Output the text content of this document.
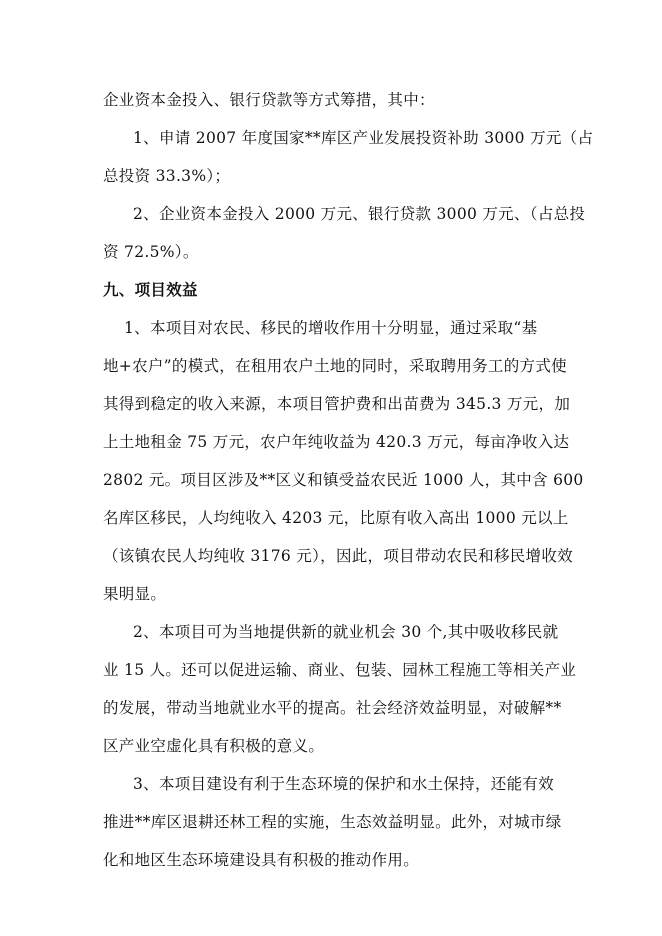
企业资本金投入、银行贷款等方式筹措，其中：
1、申请 2007 年度国家**库区产业发展投资补助 3000 万元（占
总投资 33.3%）；
2、企业资本金投入 2000 万元、银行贷款 3000 万元、（占总投
资 72.5%）。
九、项目效益
1、本项目对农民、移民的增收作用十分明显，通过采取“基
地+农户”的模式，在租用农户土地的同时，采取聘用务工的方式使
其得到稳定的收入来源，本项目管护费和出苗费为 345.3 万元，加
上土地租金 75 万元，农户年纯收益为 420.3 万元，每亩净收入达
2802 元。项目区涉及**区义和镇受益农民近 1000 人，其中含 600
名库区移民，人均纯收入 4203 元，比原有收入高出 1000 元以上
（该镇农民人均纯收 3176 元），因此，项目带动农民和移民增收效
果明显。
2、本项目可为当地提供新的就业机会 30 个,其中吸收移民就
业 15 人。还可以促进运输、商业、包装、园林工程施工等相关产业
的发展，带动当地就业水平的提高。社会经济效益明显，对破解**
区产业空虚化具有积极的意义。
3、本项目建设有利于生态环境的保护和水土保持，还能有效
推进**库区退耕还林工程的实施，生态效益明显。此外，对城市绿
化和地区生态环境建设具有积极的推动作用。
